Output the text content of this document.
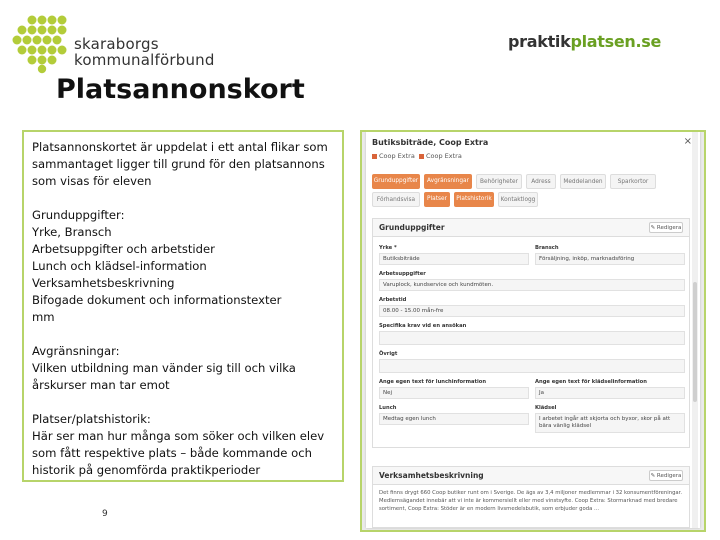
skaraborgs
kommunalförbund
praktikplatsen.se
Platsannonskort

Platsannonskortet är uppdelat i ett antal flikar som
sammantaget ligger till grund för den platsannons
som visas för eleven

Grunduppgifter:
Yrke, Bransch
Arbetsuppgifter och arbetstider
Lunch och klädsel-information
Verksamhetsbeskrivning
Bifogade dokument och informationstexter
mm

Avgränsningar:
Vilken utbildning man vänder sig till och vilka
årskurser man tar emot

Platser/platshistorik:
Här ser man hur många som söker och vilken elev
som fått respektive plats – både kommande och
historik på genomförda praktikperioder

9
Butiksbiträde, Coop Extra	×
Coop Extra Coop Extra
Grunduppgifter	Avgränsningar	Behörigheter	Adress	Meddelanden	Sparkortor
Förhandsvisa	Platser	Platshistorik	Kontaktlogg
Grunduppgifter	✎ Redigera
Yrke *	Bransch
Butiksbiträde	Försäljning, inköp, marknadsföring
Arbetsuppgifter
Varuplock, kundservice och kundmöten.
Arbetstid
08.00 - 15.00 mån-fre
Specifika krav vid en ansökan
Övrigt
Ange egen text för lunchinformation	Ange egen text för klädselinformation
Nej	Ja
Lunch	Klädsel
Medtag egen lunch	I arbetet ingår att skjorta och byxor, skor på att bära vänlig klädsel
Verksamhetsbeskrivning	✎ Redigera
Det finns drygt 660 Coop butiker runt om i Sverige. De ägs av 3,4 miljoner medlemmar i 32 konsumentföreningar. Medlemsägandet innebär att vi inte är kommersiellt eller med vinstsyfte. Coop Extra: Stormarknad med bredare sortiment, Coop Extra: Stöder är en modern livsmedelsbutik, som erbjuder goda ...
